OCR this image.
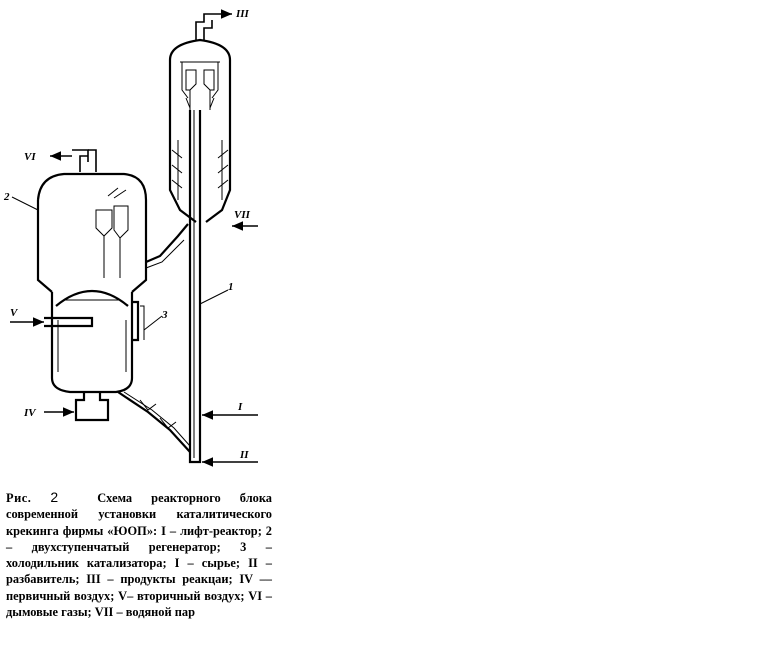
III
VI
2
VII
1
V	3
IV	I
II
Рис. 2	Схема реакторного блока современной установки каталитического крекинга фирмы «ЮОП»: I – лифт-реактор; 2 – двухступенчатый регенератор; 3 – холодильник катализатора; I – сырье; II – разбавитель; III – продукты реакцаи; IV –– первичный воздух; V– вторичный воздух; VI – дымовые газы; VII – водяной пар
